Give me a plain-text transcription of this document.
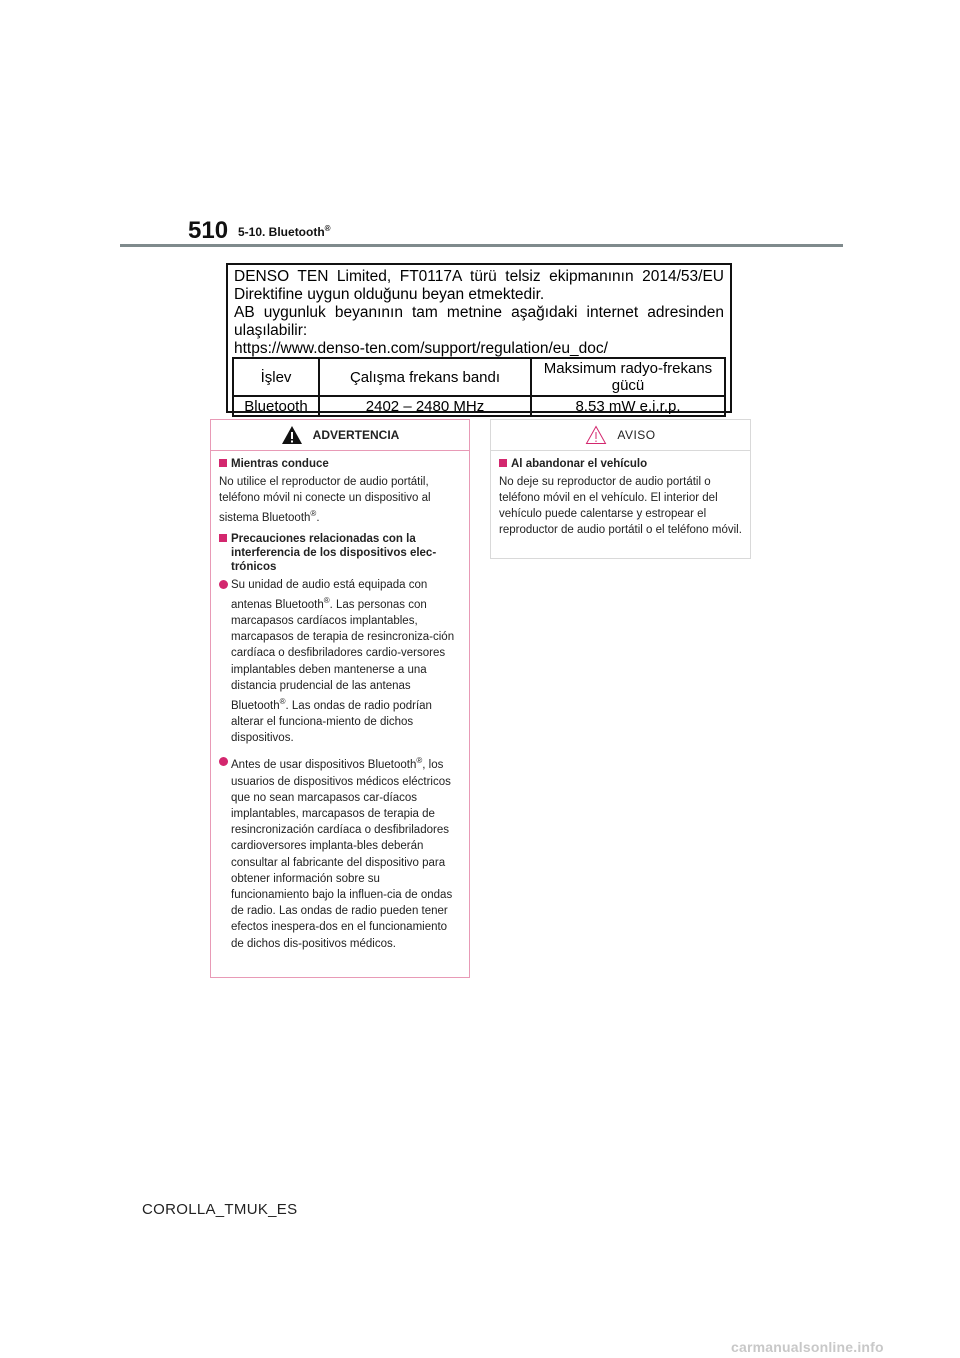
510 5-10. Bluetooth®
DENSO TEN Limited, FT0117A türü telsiz ekipmanının 2014/53/EU
Direktifine uygun olduğunu beyan etmektedir.
AB uygunluk beyanının tam metnine aşağıdaki internet adresinden
ulaşılabilir:
https://www.denso-ten.com/support/regulation/eu_doc/
İşlev	Çalışma frekans bandı	Maksimum radyo-frekans gücü
Bluetooth	2402 – 2480 MHz	8.53 mW e.i.r.p.
ADVERTENCIA
Mientras conduce

No utilice el reproductor de audio portátil, teléfono móvil ni conecte un dispositivo al sistema Bluetooth®.

Precauciones relacionadas con la interferencia de los dispositivos elec-trónicos
Su unidad de audio está equipada con antenas Bluetooth®. Las personas con marcapasos cardíacos implantables, marcapasos de terapia de resincroniza-ción cardíaca o desfibriladores cardio-versores implantables deben mantenerse a una distancia prudencial de las antenas Bluetooth®. Las ondas de radio podrían alterar el funciona-miento de dichos dispositivos.
Antes de usar dispositivos Bluetooth®, los usuarios de dispositivos médicos eléctricos que no sean marcapasos car-díacos implantables, marcapasos de terapia de resincronización cardíaca o desfibriladores cardioversores implanta-bles deberán consultar al fabricante del dispositivo para obtener información sobre su funcionamiento bajo la influen-cia de ondas de radio. Las ondas de radio pueden tener efectos inespera-dos en el funcionamiento de dichos dis-positivos médicos.
AVISO
Al abandonar el vehículo

No deje su reproductor de audio portátil o teléfono móvil en el vehículo. El interior del vehículo puede calentarse y estropear el reproductor de audio portátil o el teléfono móvil.

COROLLA_TMUK_ES
carmanualsonline.info
